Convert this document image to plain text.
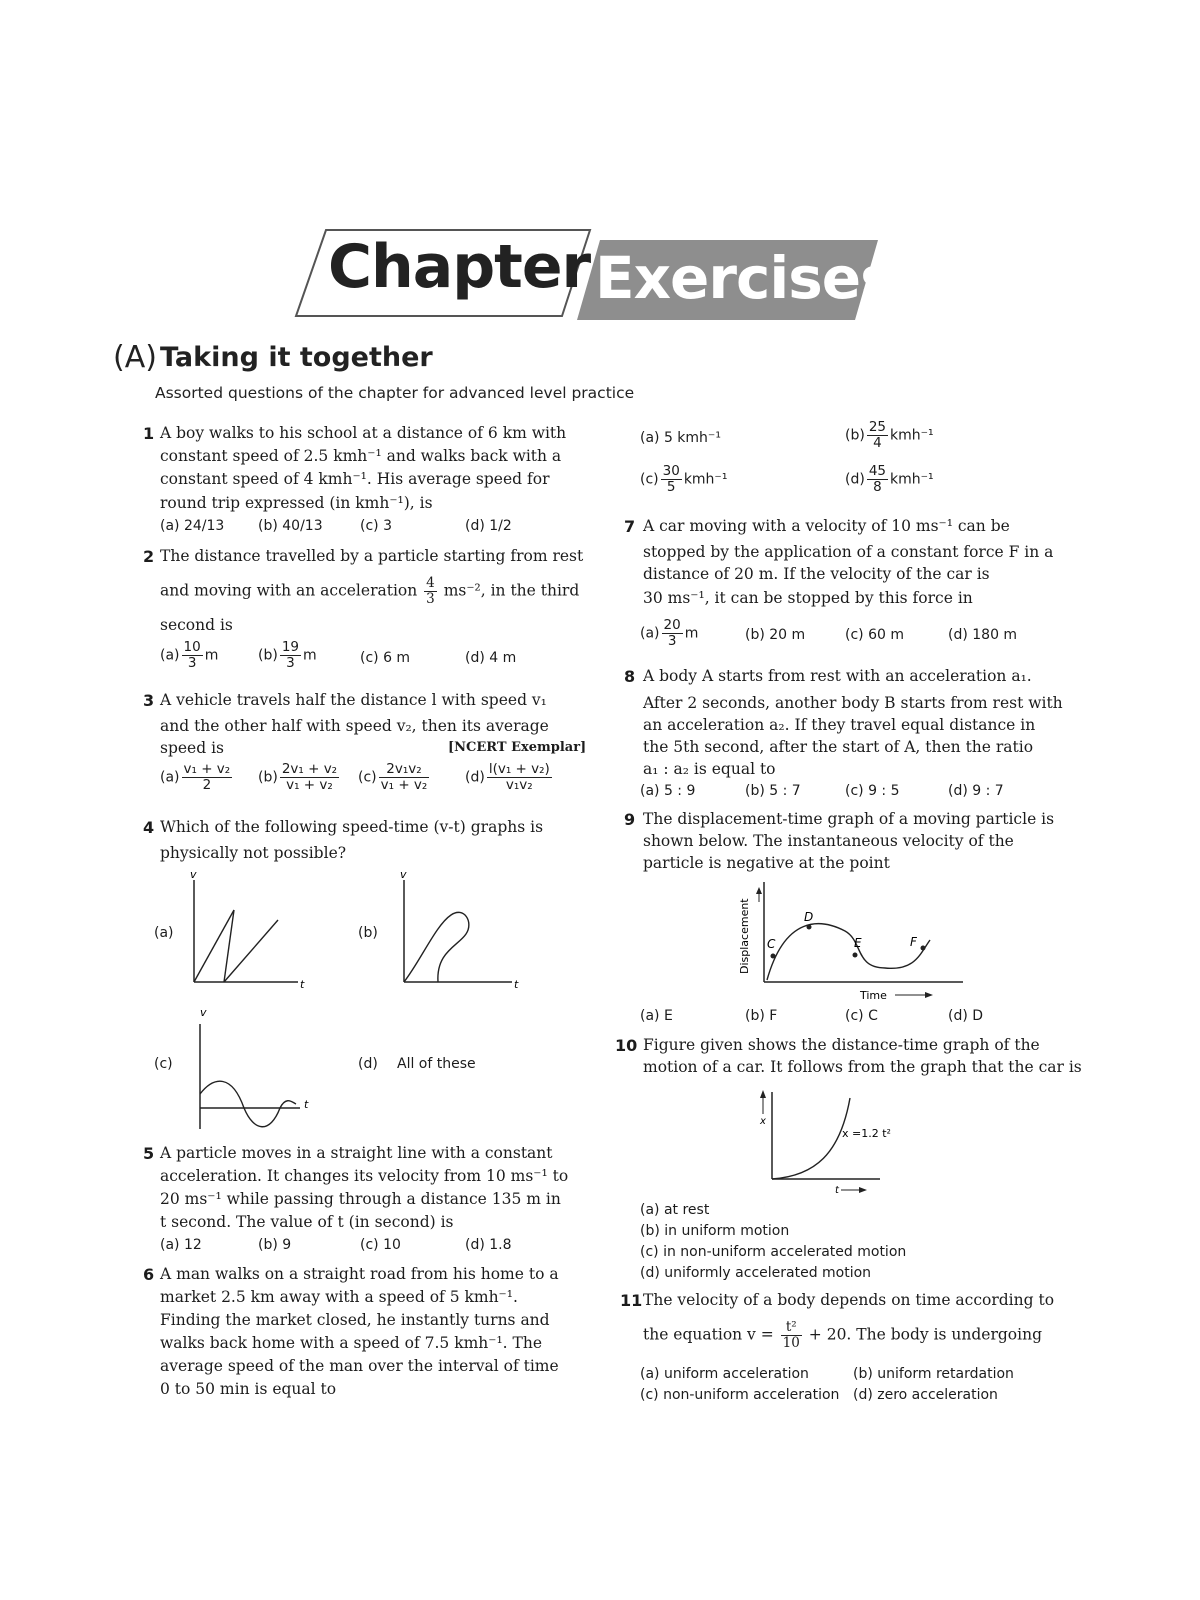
Chapter Exercises
(A) Taking it together
Assorted questions of the chapter for advanced level practice
1 A boy walks to his school at a distance of 6 km with
constant speed of 2.5 kmh⁻¹ and walks back with a
constant speed of 4 kmh⁻¹. His average speed for
round trip expressed (in kmh⁻¹), is
(a) 24/13 (b) 40/13	(c) 3	(d) 1/2
2 The distance travelled by a particle starting from rest
and moving with an acceleration $\frac{4}{3} ms^{-2}$, in the third
second is
$(a) \frac{10}{3}$ m	$(b) \frac{19}{3}$ m	(c) 6 m	(d) 4 m
3 A vehicle travels half the distance l with speed v₁
and the other half with speed v₂, then its average
speed is	[NCERT Exemplar]
$(a) \frac{\text{v₁ + v₂}}{2} (b) \frac{\text{2v₁ + v₂}}{\text{v₁ + v₂}} (c) \frac{\text{2v₁v₂}}{\text{v₁ + v₂}}$	$(d) \frac{\text{l(v₁ + v₂)}}{\text{v₁v₂}}$
4 Which of the following speed-time (v-t) graphs is
physically not possible?
(a)
v
t
(b)
v
t
(c)
v
t
(d) All of these
5 A particle moves in a straight line with a constant
acceleration. It changes its velocity from 10 ms⁻¹ to
20 ms⁻¹ while passing through a distance 135 m in
t second. The value of t (in second) is
(a) 12	(b) 9	(c) 10	(d) 1.8
6 A man walks on a straight road from his home to a
market 2.5 km away with a speed of 5 kmh⁻¹.
Finding the market closed, he instantly turns and
walks back home with a speed of 7.5 kmh⁻¹. The
average speed of the man over the interval of time
0 to 50 min is equal to
(a) 5 kmh⁻¹	$(b) \frac{25}{4} kmh^{-1}$
$(c) \frac{30}{5} kmh^{-1}$	$(d) \frac{45}{8} kmh^{-1}$
7 A car moving with a velocity of 10 ms⁻¹ can be
stopped by the application of a constant force F in a
distance of 20 m. If the velocity of the car is
30 ms⁻¹, it can be stopped by this force in
$(a) \frac{20}{3}$ m	(b) 20 m	(c) 60 m	(d) 180 m
8 A body A starts from rest with an acceleration a₁.
After 2 seconds, another body B starts from rest with
an acceleration a₂. If they travel equal distance in
the 5th second, after the start of A, then the ratio
a₁ : a₂ is equal to
(a) 5 : 9	(b) 5 : 7	(c) 9 : 5	(d) 9 : 7
9 The displacement-time graph of a moving particle is
shown below. The instantaneous velocity of the
particle is negative at the point
Displacement C
D
E	F
Time
(a) E	(b) F	(c) C	(d) D
10 Figure given shows the distance-time graph of the
motion of a car. It follows from the graph that the car is
x
x =1.2 t²
t
(a) at rest
(b) in uniform motion
(c) in non-uniform accelerated motion
(d) uniformly accelerated motion
11 The velocity of a body depends on time according to
the equation $v = \frac{\text{t²}}{10} + 20$. The body is undergoing
(a) uniform acceleration	(b) uniform retardation
(c) non-uniform acceleration (d) zero acceleration
